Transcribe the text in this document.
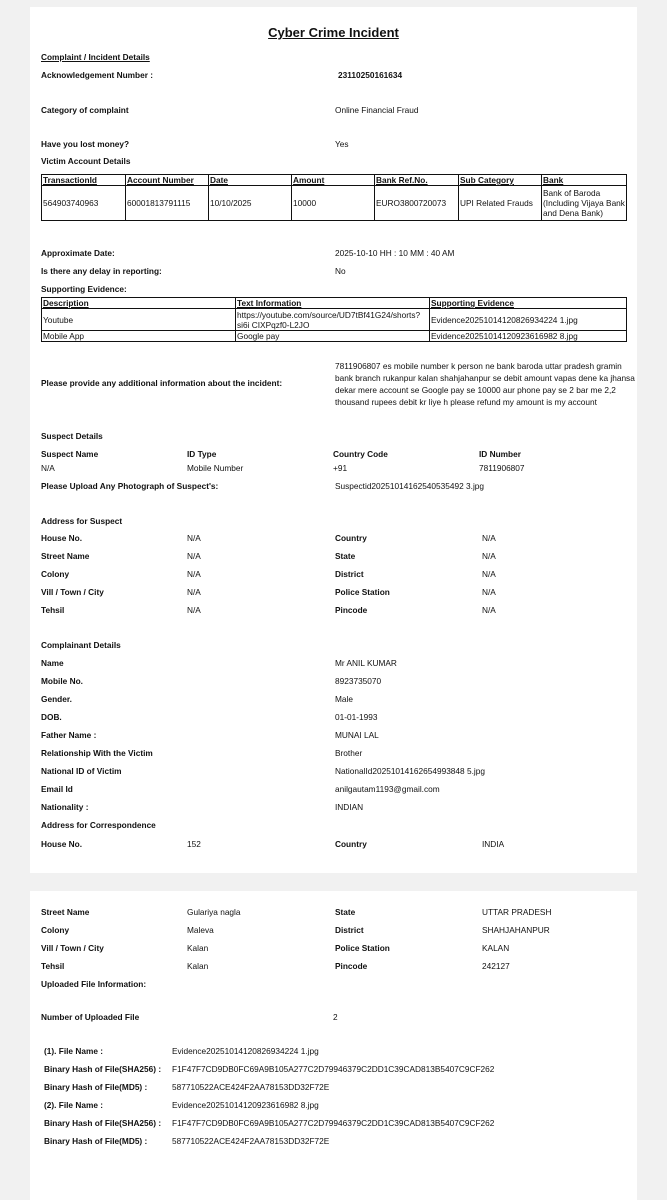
Cyber Crime Incident
Complaint / Incident Details
Acknowledgement Number :	23110250161634
Category of complaint	Online Financial Fraud
Have you lost money?	Yes
Victim Account Details
TransactionId	Account Number	Date	Amount	Bank Ref.No.	Sub Category	Bank
564903740963	60001813791115	10/10/2025	10000	EURO3800720073	UPI Related Frauds	Bank of Baroda (Including Vijaya Bank and Dena Bank)
Approximate Date:	2025-10-10 HH : 10 MM : 40 AM
Is there any delay in reporting:	No
Supporting Evidence:
Description	Text Information	Supporting Evidence
Youtube	https://youtube.com/source/UD7tBf41G24/shorts?si6i CIXPqzf0-L2JO	Evidence20251014120826934224 1.jpg
Mobile App	Google pay	Evidence20251014120923616982 8.jpg
Please provide any additional information about the incident:
7811906807 es mobile number k person ne bank baroda uttar pradesh gramin bank branch rukanpur kalan shahjahanpur se debit amount vapas dene ka jhansa dekar mere account se Google pay se 10000 aur phone pay se 2 bar me 2,2 thousand rupees debit kr liye h please refund my amount is my account
Suspect Details
Suspect Name	ID Type	Country Code	ID Number
N/A	Mobile Number	+91	7811906807
Please Upload Any Photograph of Suspect's:	Suspectid20251014162540535492 3.jpg
Address for Suspect
House No.	N/A	Country	N/A
Street Name	N/A	State	N/A
Colony	N/A	District	N/A
Vill / Town / City	N/A	Police Station	N/A
Tehsil	N/A	Pincode	N/A
Complainant Details
Name	Mr ANIL KUMAR
Mobile No.	8923735070
Gender.	Male
DOB.	01-01-1993
Father Name :	MUNAI LAL
Relationship With the Victim	Brother
National ID of Victim	NationalId20251014162654993848 5.jpg
Email Id	anilgautam1193@gmail.com
Nationality :	INDIAN
Address for Correspondence
House No.	152	Country	INDIA
Street Name	Gulariya nagla	State	UTTAR PRADESH
Colony	Maleva	District	SHAHJAHANPUR
Vill / Town / City	Kalan	Police Station	KALAN
Tehsil	Kalan	Pincode	242127
Uploaded File Information:
Number of Uploaded File	2
(1). File Name :	Evidence20251014120826934224 1.jpg
Binary Hash of File(SHA256) : F1F47F7CD9DB0FC69A9B105A277C2D79946379C2DD1C39CAD813B5407C9CF262
Binary Hash of File(MD5) :	587710522ACE424F2AA78153DD32F72E
(2). File Name :	Evidence20251014120923616982 8.jpg
Binary Hash of File(SHA256) : F1F47F7CD9DB0FC69A9B105A277C2D79946379C2DD1C39CAD813B5407C9CF262
Binary Hash of File(MD5) :	587710522ACE424F2AA78153DD32F72E
